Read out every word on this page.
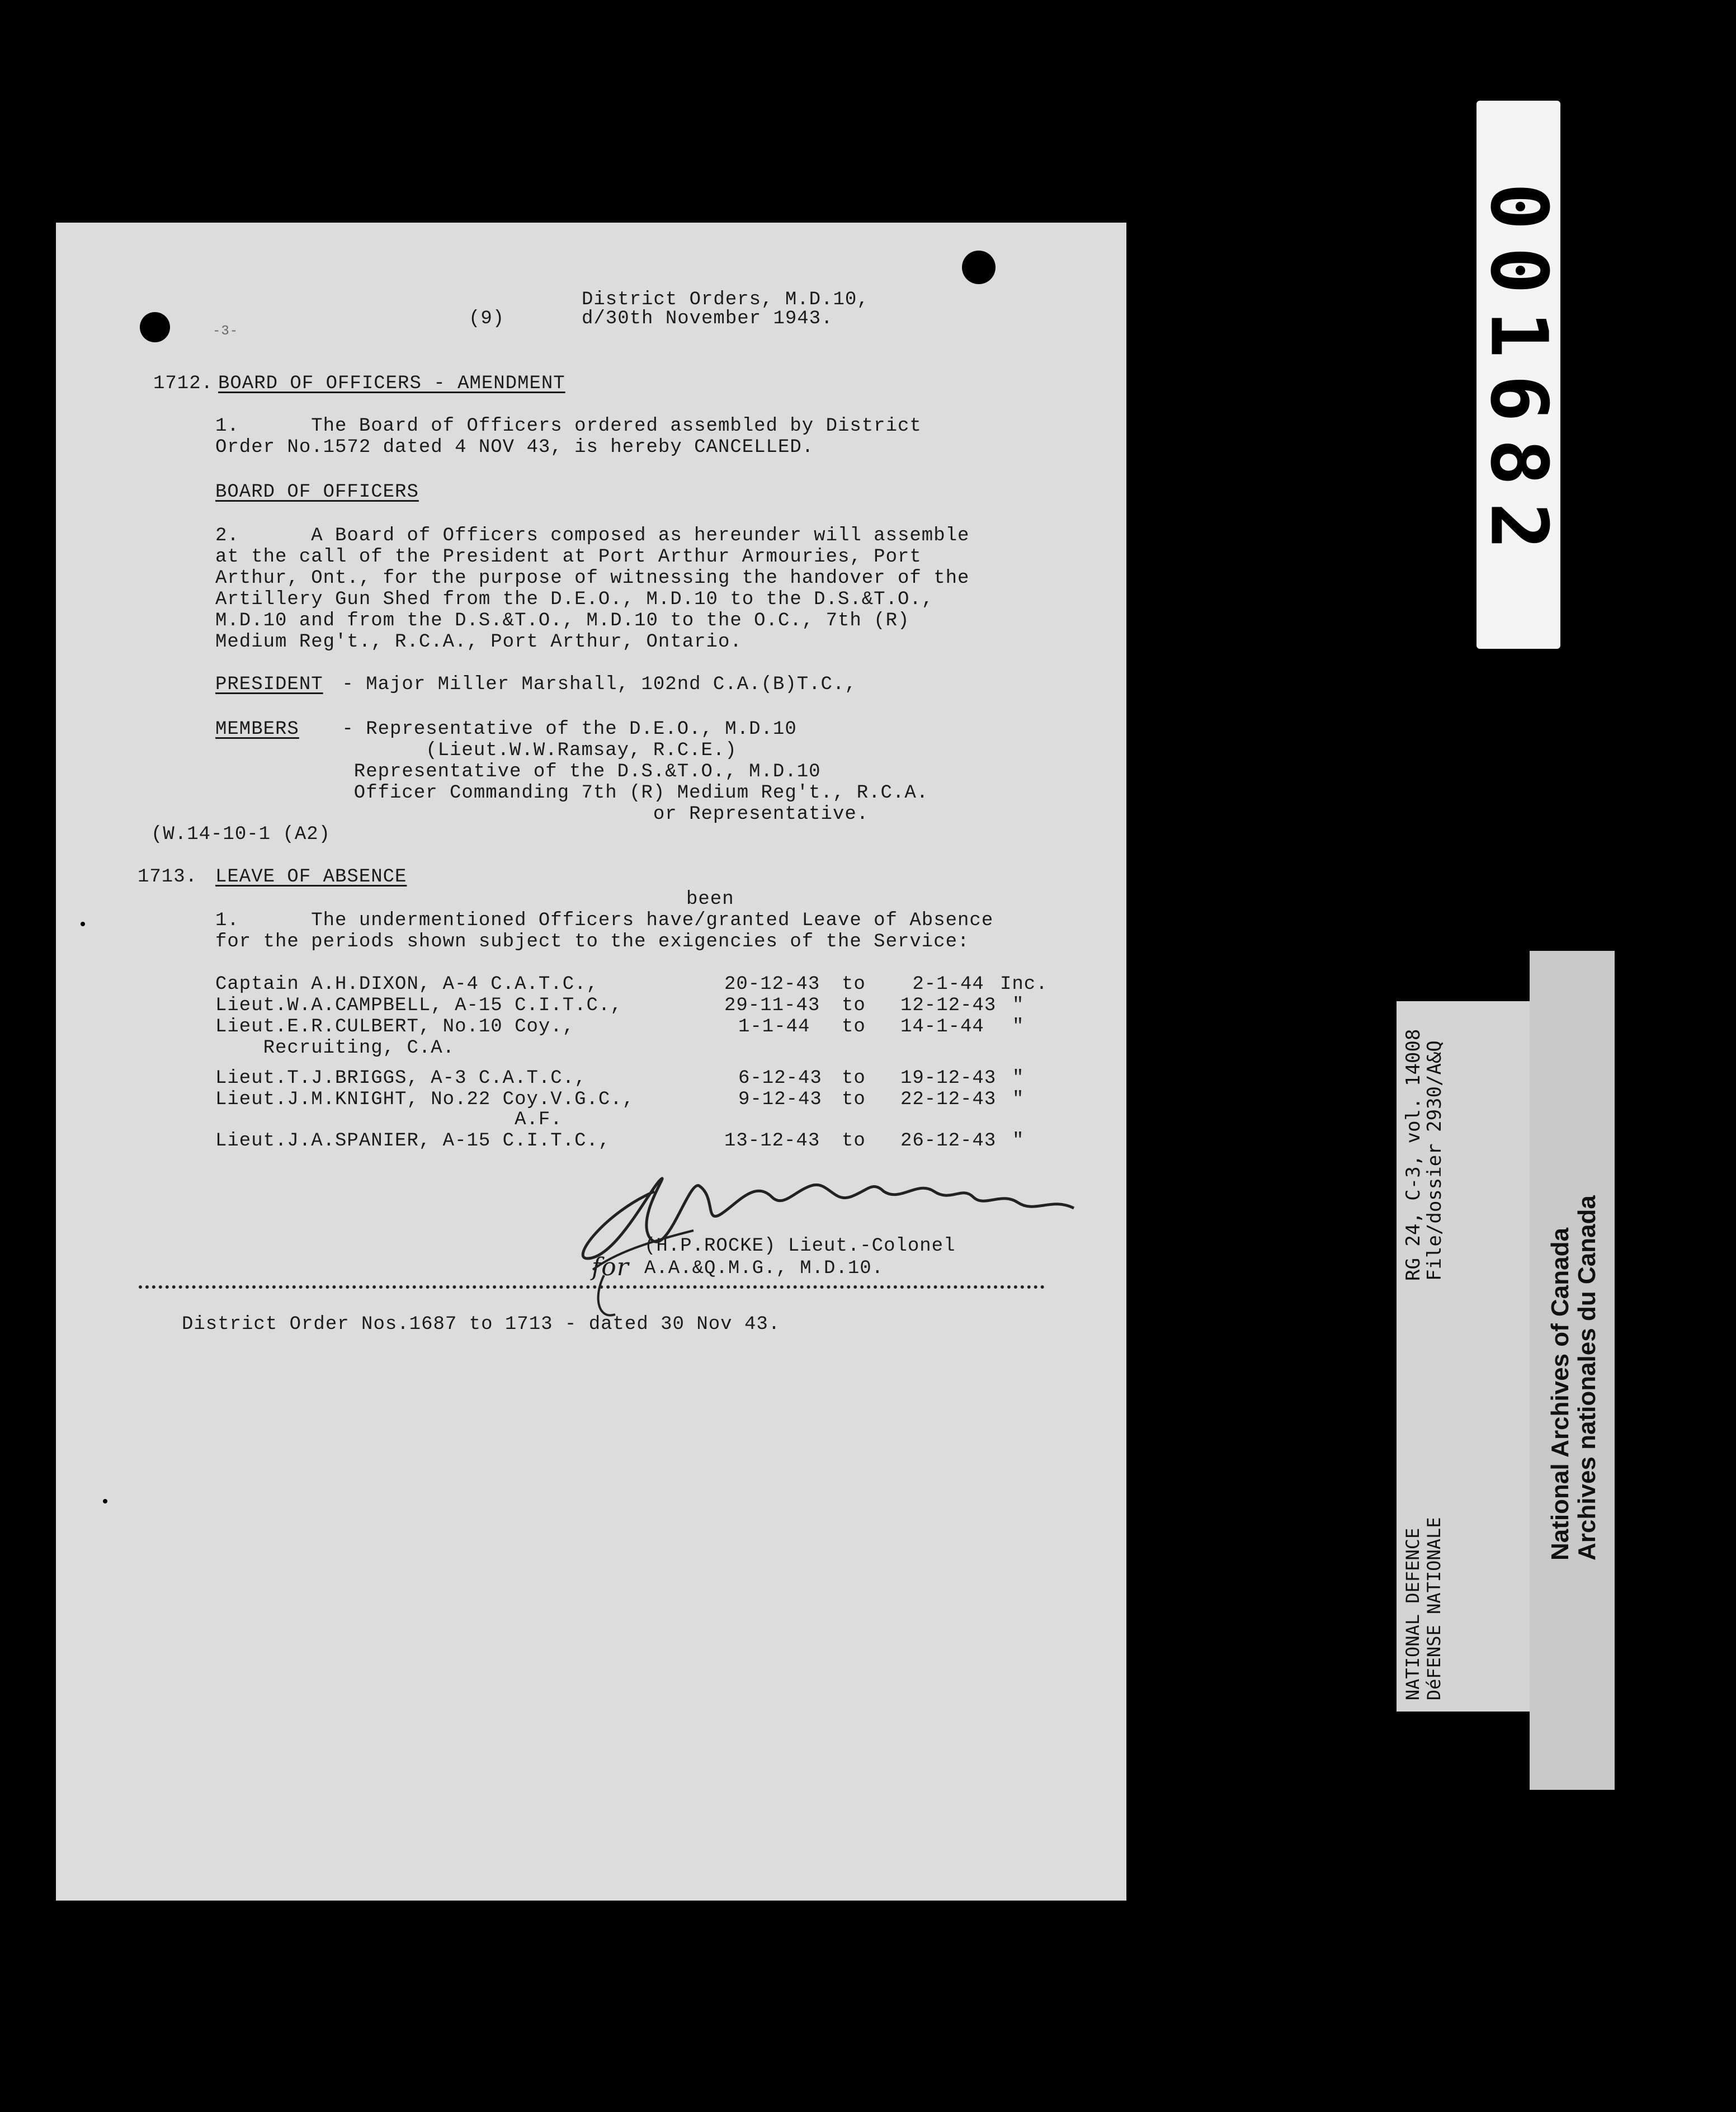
-3-
(9)
District Orders, M.D.10,
d/30th November 1943.
1712. BOARD OF OFFICERS - AMENDMENT
1.      The Board of Officers ordered assembled by District
Order No.1572 dated 4 NOV 43, is hereby CANCELLED.
BOARD OF OFFICERS
2.      A Board of Officers composed as hereunder will assemble
at the call of the President at Port Arthur Armouries, Port
Arthur, Ont., for the purpose of witnessing the handover of the
Artillery Gun Shed from the D.E.O., M.D.10 to the D.S.&T.O.,
M.D.10 and from the D.S.&T.O., M.D.10 to the O.C., 7th (R)
Medium Reg't., R.C.A., Port Arthur, Ontario.
PRESIDENT - Major Miller Marshall, 102nd C.A.(B)T.C.,
MEMBERS - Representative of the D.E.O., M.D.10
(Lieut.W.W.Ramsay, R.C.E.)
Representative of the D.S.&T.O., M.D.10
Officer Commanding 7th (R) Medium Reg't., R.C.A.
or Representative.
(W.14-10-1 (A2)
1713. LEAVE OF ABSENCE
been
1.      The undermentioned Officers have/granted Leave of Absence
for the periods shown subject to the exigencies of the Service:
Captain A.H.DIXON, A-4 C.A.T.C.,	20-12-43 to 2-1-44 Inc.
Lieut.W.A.CAMPBELL, A-15 C.I.T.C.,	29-11-43 to 12-12-43 "
Lieut.E.R.CULBERT, No.10 Coy.,	1-1-44 to 14-1-44 "
Recruiting, C.A.
Lieut.T.J.BRIGGS, A-3 C.A.T.C.,	6-12-43 to 19-12-43 "
Lieut.J.M.KNIGHT, No.22 Coy.V.G.C.,	9-12-43 to 22-12-43 "
A.F.
Lieut.J.A.SPANIER, A-15 C.I.T.C.,	13-12-43 to 26-12-43 "
(H.P.ROCKE) Lieut.-Colonel
A.A.&Q.M.G., M.D.10.
for
District Order Nos.1687 to 1713 - dated 30 Nov 43.
001682
RG 24, C-3, vol. 14008
File/dossier 2930/A&Q
NATIONAL DEFENCE DéFENSE NATIONALE
National Archives of Canada Archives nationales du Canada
